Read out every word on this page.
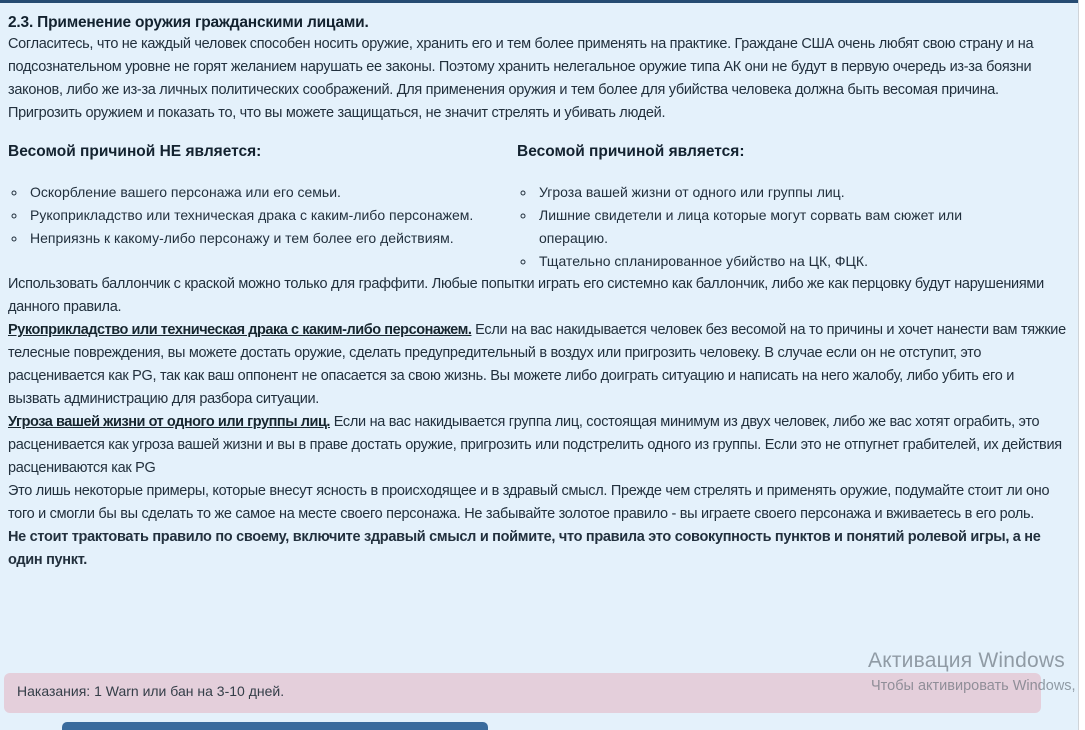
2.3. Применение оружия гражданскими лицами.

Согласитесь, что не каждый человек способен носить оружие, хранить его и тем более применять на практике. Граждане США очень любят свою страну и на подсознательном уровне не горят желанием нарушать ее законы. Поэтому хранить нелегальное оружие типа АК они не будут в первую очередь из-за боязни законов, либо же из-за личных политических соображений. Для применения оружия и тем более для убийства человека должна быть весомая причина. Пригрозить оружием и показать то, что вы можете защищаться, не значит стрелять и убивать людей.

Весомой причиной НЕ является:
◦ Оскорбление вашего персонажа или его семьи.
◦ Рукоприкладство или техническая драка с каким-либо персонажем.
◦ Неприязнь к какому-либо персонажу и тем более его действиям.
Весомой причиной является:
◦ Угроза вашей жизни от одного или группы лиц.
◦ Лишние свидетели и лица которые могут сорвать вам сюжет или операцию.
◦ Тщательно спланированное убийство на ЦК, ФЦК.

Использовать баллончик с краской можно только для граффити. Любые попытки играть его системно как баллончик, либо же как перцовку будут нарушениями данного правила.

Рукоприкладство или техническая драка с каким-либо персонажем. Если на вас накидывается человек без весомой на то причины и хочет нанести вам тяжкие телесные повреждения, вы можете достать оружие, сделать предупредительный в воздух или пригрозить человеку. В случае если он не отступит, это расценивается как PG, так как ваш оппонент не опасается за свою жизнь. Вы можете либо доиграть ситуацию и написать на него жалобу, либо убить его и вызвать администрацию для разбора ситуации.

Угроза вашей жизни от одного или группы лиц. Если на вас накидывается группа лиц, состоящая минимум из двух человек, либо же вас хотят ограбить, это расценивается как угроза вашей жизни и вы в праве достать оружие, пригрозить или подстрелить одного из группы. Если это не отпугнет грабителей, их действия расцениваются как PG

Это лишь некоторые примеры, которые внесут ясность в происходящее и в здравый смысл. Прежде чем стрелять и применять оружие, подумайте стоит ли оно того и смогли бы вы сделать то же самое на месте своего персонажа. Не забывайте золотое правило - вы играете своего персонажа и вживаетесь в его роль.

Не стоит трактовать правило по своему, включите здравый смысл и поймите, что правила это совокупность пунктов и понятий ролевой игры, а не один пункт.

Наказания: 1 Warn или бан на 3-10 дней.
Активация Windows
Чтобы активировать Windows,
